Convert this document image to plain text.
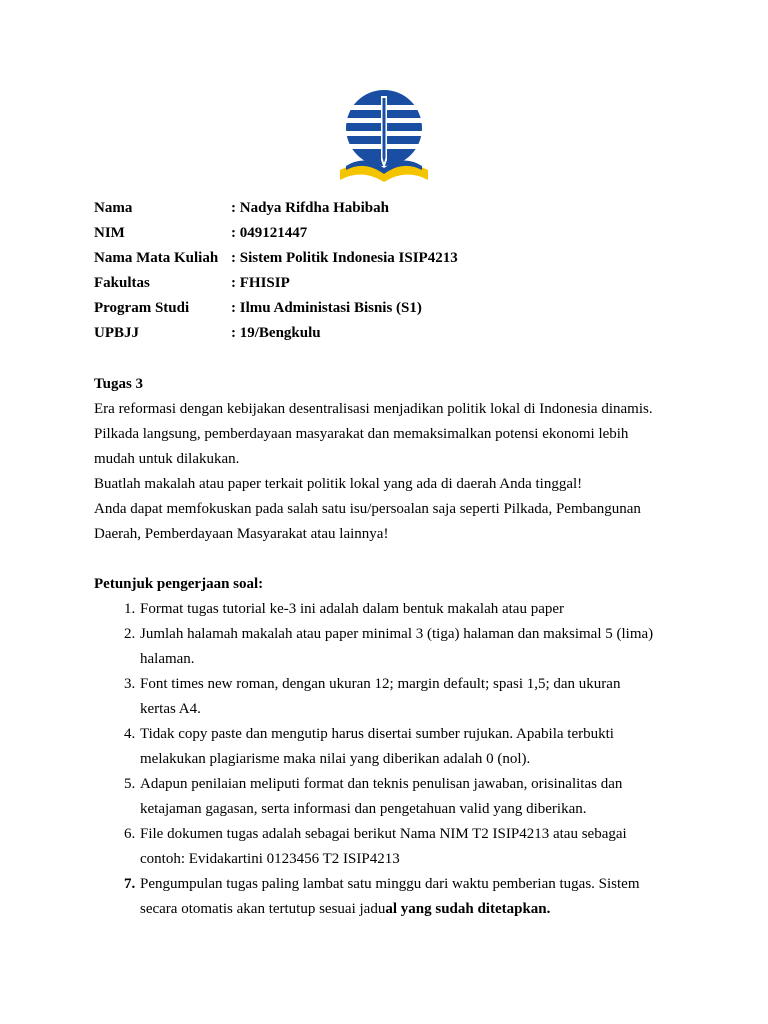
Nama	: Nadya Rifdha Habibah
NIM	: 049121447
Nama Mata Kuliah : Sistem Politik Indonesia ISIP4213
Fakultas	: FHISIP
Program Studi	: Ilmu Administasi Bisnis (S1)
UPBJJ	: 19/Bengkulu
Tugas 3
Era reformasi dengan kebijakan desentralisasi menjadikan politik lokal di Indonesia dinamis.
Pilkada langsung, pemberdayaan masyarakat dan memaksimalkan potensi ekonomi lebih
mudah untuk dilakukan.
Buatlah makalah atau paper terkait politik lokal yang ada di daerah Anda tinggal!
Anda dapat memfokuskan pada salah satu isu/persoalan saja seperti Pilkada, Pembangunan
Daerah, Pemberdayaan Masyarakat atau lainnya!
Petunjuk pengerjaan soal:
1. Format tugas tutorial ke-3 ini adalah dalam bentuk makalah atau paper
2. Jumlah halamah makalah atau paper minimal 3 (tiga) halaman dan maksimal 5 (lima)
halaman.
3. Font times new roman, dengan ukuran 12; margin default; spasi 1,5; dan ukuran
kertas A4.
4. Tidak copy paste dan mengutip harus disertai sumber rujukan. Apabila terbukti
melakukan plagiarisme maka nilai yang diberikan adalah 0 (nol).
5. Adapun penilaian meliputi format dan teknis penulisan jawaban, orisinalitas dan
ketajaman gagasan, serta informasi dan pengetahuan valid yang diberikan.
6. File dokumen tugas adalah sebagai berikut Nama NIM T2 ISIP4213 atau sebagai
contoh: Evidakartini 0123456 T2 ISIP4213
7. Pengumpulan tugas paling lambat satu minggu dari waktu pemberian tugas. Sistem
secara otomatis akan tertutup sesuai jadual yang sudah ditetapkan.
